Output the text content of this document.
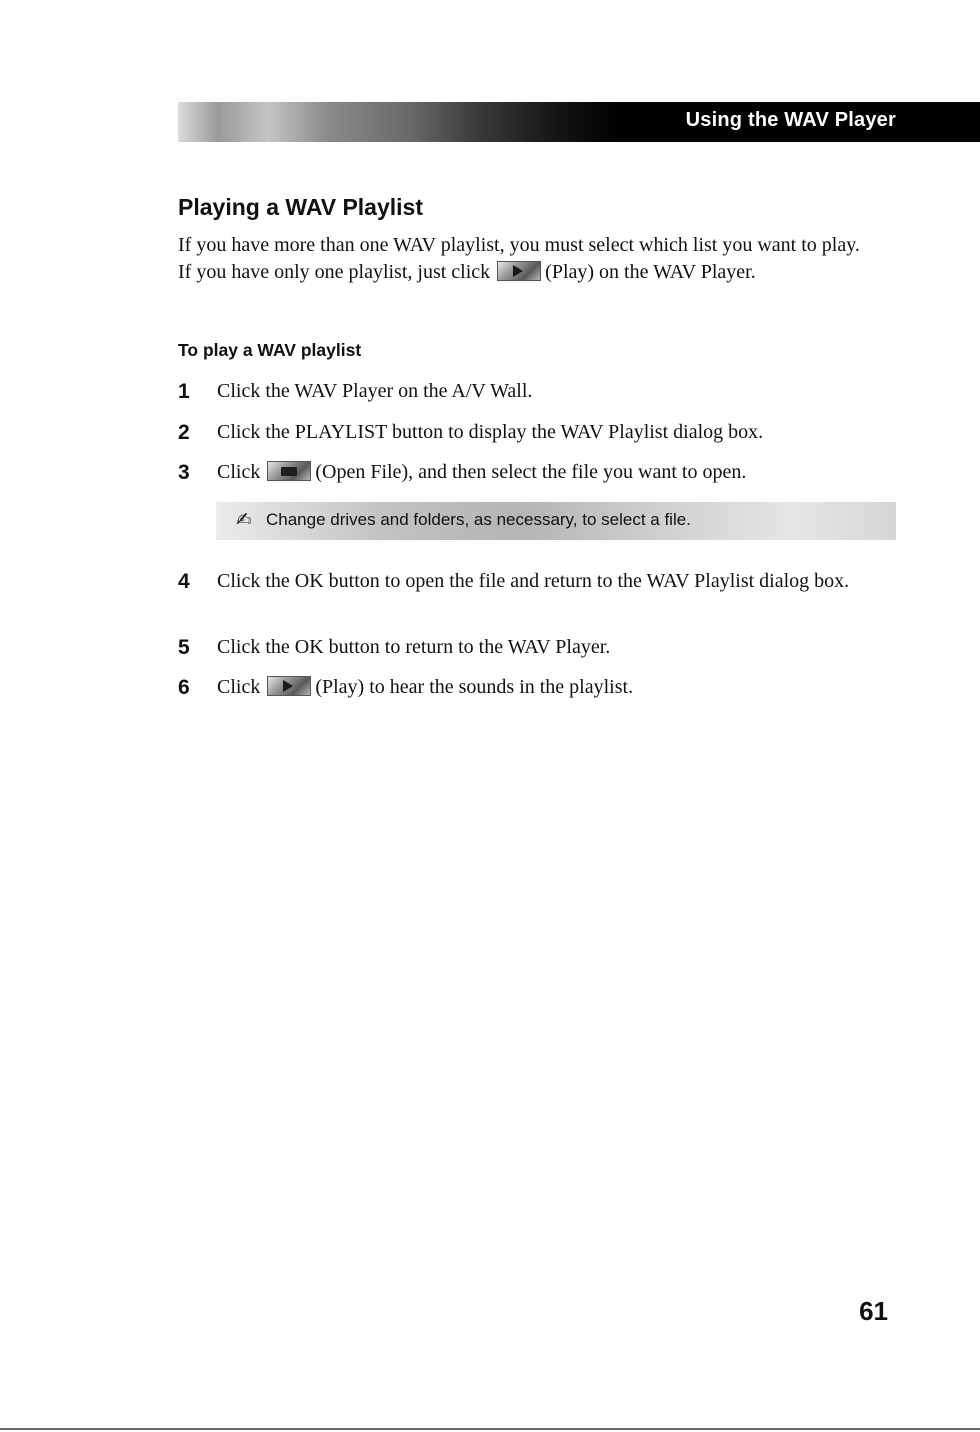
Using the WAV Player
Playing a WAV Playlist

If you have more than one WAV playlist, you must select which list you want to play. If you have only one playlist, just click	(Play) on the WAV Player.

To play a WAV playlist
1 Click the WAV Player on the A/V Wall.
2 Click the PLAYLIST button to display the WAV Playlist dialog box.
3 Click	(Open File), and then select the file you want to open.
✍ Change drives and folders, as necessary, to select a file.
4 Click the OK button to open the file and return to the WAV Playlist dialog box.
5 Click the OK button to return to the WAV Player.
6 Click	(Play) to hear the sounds in the playlist.
61
